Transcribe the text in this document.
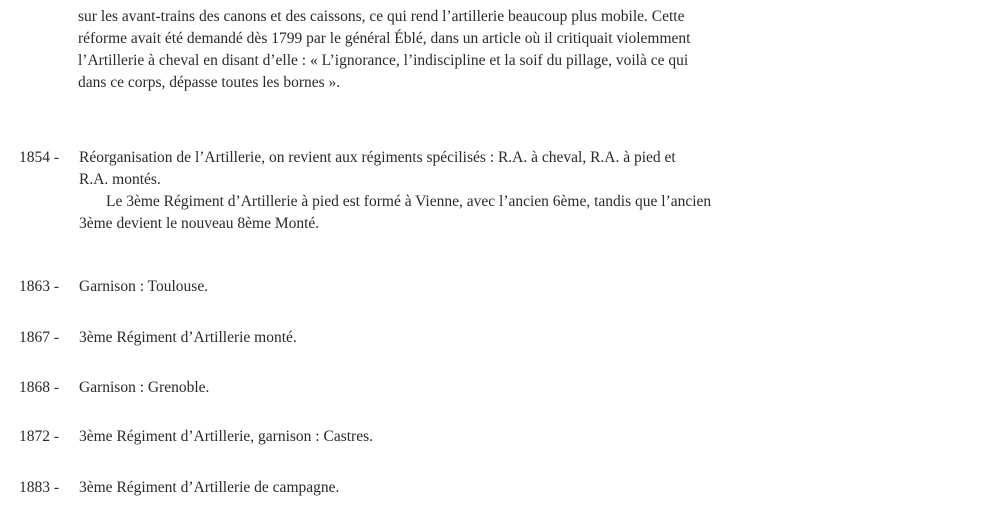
sur les avant-trains des canons et des caissons, ce qui rend l’artillerie beaucoup plus mobile. Cette
réforme avait été demandé dès 1799 par le général Éblé, dans un article où il critiquait violemment
l’Artillerie à cheval en disant d’elle : « L’ignorance, l’indiscipline et la soif du pillage, voilà ce qui
dans ce corps, dépasse toutes les bornes ».
1854 -	Réorganisation de l’Artillerie, on revient aux régiments spécilisés : R.A. à cheval, R.A. à pied et
R.A. montés.
Le 3ème Régiment d’Artillerie à pied est formé à Vienne, avec l’ancien 6ème, tandis que l’ancien
3ème devient le nouveau 8ème Monté.
1863 -	Garnison : Toulouse.
1867 -	3ème Régiment d’Artillerie monté.
1868 -	Garnison : Grenoble.
1872 -	3ème Régiment d’Artillerie, garnison : Castres.
1883 -	3ème Régiment d’Artillerie de campagne.
